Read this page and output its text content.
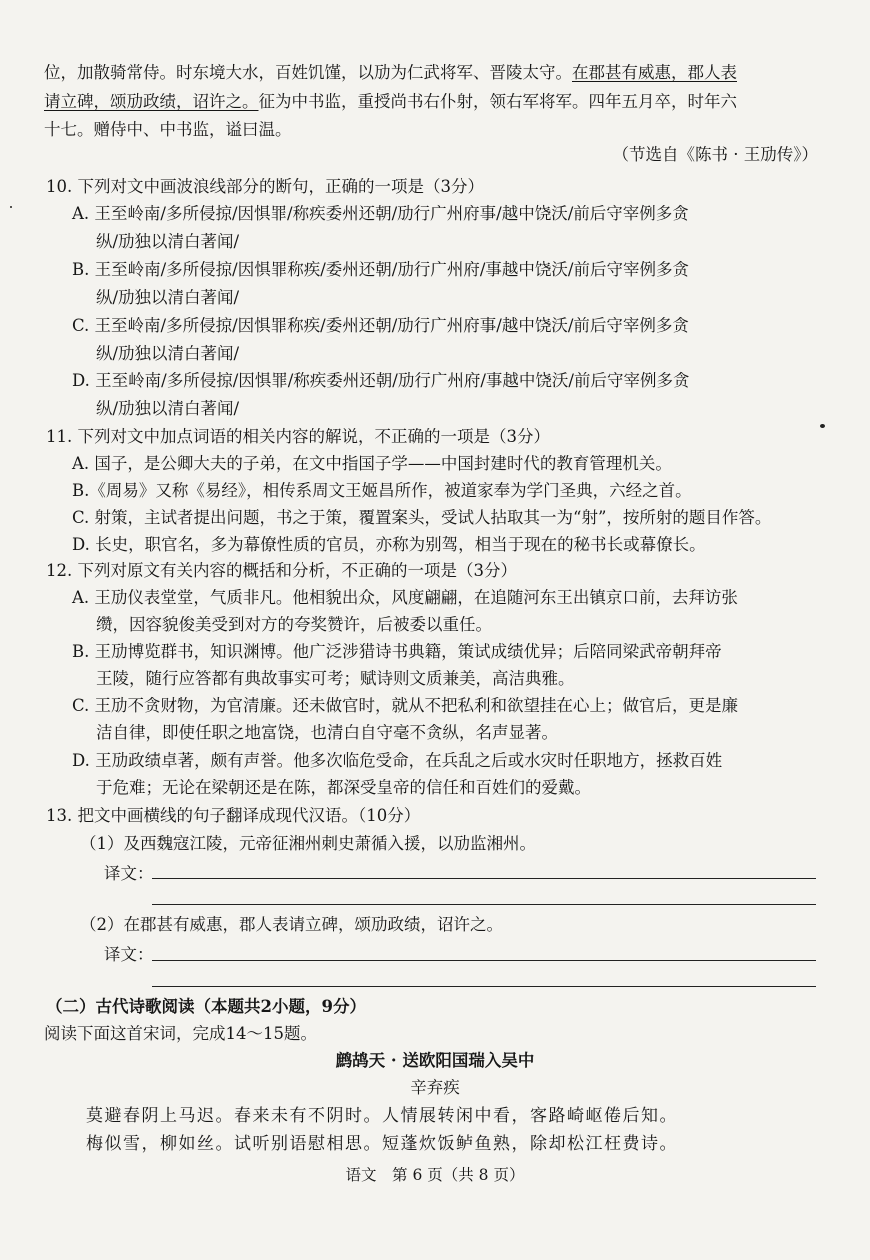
位，加散骑常侍。时东境大水，百姓饥馑，以劢为仁武将军、晋陵太守。在郡甚有威惠，郡人表
请立碑，颂劢政绩，诏许之。征为中书监，重授尚书右仆射，领右军将军。四年五月卒，时年六
十七。赠侍中、中书监，谥曰温。
（节选自《陈书 · 王劢传》）
10. 下列对文中画波浪线部分的断句，正确的一项是（3分）
A. 王至岭南/多所侵掠/因惧罪/称疾委州还朝/劢行广州府事/越中饶沃/前后守宰例多贪
纵/劢独以清白著闻/
B. 王至岭南/多所侵掠/因惧罪称疾/委州还朝/劢行广州府/事越中饶沃/前后守宰例多贪
纵/劢独以清白著闻/
C. 王至岭南/多所侵掠/因惧罪称疾/委州还朝/劢行广州府事/越中饶沃/前后守宰例多贪
纵/劢独以清白著闻/
D. 王至岭南/多所侵掠/因惧罪/称疾委州还朝/劢行广州府/事越中饶沃/前后守宰例多贪
纵/劢独以清白著闻/
11. 下列对文中加点词语的相关内容的解说，不正确的一项是（3分）
A. 国子，是公卿大夫的子弟，在文中指国子学——中国封建时代的教育管理机关。
B.《周易》又称《易经》，相传系周文王姬昌所作，被道家奉为学门圣典，六经之首。
C. 射策，主试者提出问题，书之于策，覆置案头，受试人拈取其一为“射”，按所射的题目作答。
D. 长史，职官名，多为幕僚性质的官员，亦称为别驾，相当于现在的秘书长或幕僚长。
12. 下列对原文有关内容的概括和分析，不正确的一项是（3分）
A. 王劢仪表堂堂，气质非凡。他相貌出众，风度翩翩，在追随河东王出镇京口前，去拜访张
缵，因容貌俊美受到对方的夸奖赞许，后被委以重任。
B. 王劢博览群书，知识渊博。他广泛涉猎诗书典籍，策试成绩优异；后陪同梁武帝朝拜帝
王陵，随行应答都有典故事实可考；赋诗则文质兼美，高洁典雅。
C. 王劢不贪财物，为官清廉。还未做官时，就从不把私利和欲望挂在心上；做官后，更是廉
洁自律，即使任职之地富饶，也清白自守毫不贪纵，名声显著。
D. 王劢政绩卓著，颇有声誉。他多次临危受命，在兵乱之后或水灾时任职地方，拯救百姓
于危难；无论在梁朝还是在陈，都深受皇帝的信任和百姓们的爱戴。
13. 把文中画横线的句子翻译成现代汉语。（10分）
（1）及西魏寇江陵，元帝征湘州刺史萧循入援，以劢监湘州。
译文：
（2）在郡甚有威惠，郡人表请立碑，颂劢政绩，诏许之。
译文：
（二）古代诗歌阅读（本题共2小题，9分）
阅读下面这首宋词，完成14～15题。
鹧鸪天 · 送欧阳国瑞入吴中
辛弃疾
莫避春阴上马迟。春来未有不阴时。人情展转闲中看，客路崎岖倦后知。
梅似雪，柳如丝。试听别语慰相思。短蓬炊饭鲈鱼熟，除却松江枉费诗。
语文　第 6 页（共 8 页）
